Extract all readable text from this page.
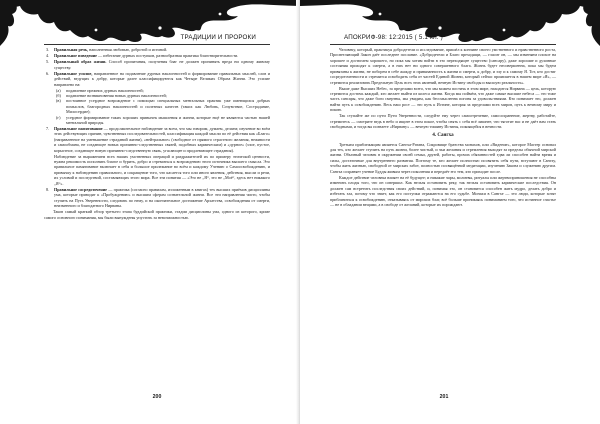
ТРАДИЦИИ И ПРОРОКИ

3. Правильная речь, наполненная любовью, добротой и истиной.

4. Правильное поведение — избегание дурных поступков, разнообразная практика благотворительности.

5. Правильный образ жизни. Способ пропитания, получения благ не должен причинять вреда ни одному живому существу.

6. Правильное усилие, направленное на подавление дурных наклонностей и формирование правильных мыслей, слов и действий, ведущих к добру, которые далее классифицируются как Четыре Великих Образа Жизни. Это усилие направлено на:

(а) подавление прежних дурных наклонностей;

(б) подавление возникновения новых дурных наклонностей;

(в) постоянное усердное возрождение с помощью специальных ментальных практик уже имеющихся добрых помыслов, благородных наклонностей и полезных качеств (таких как Любовь, Сочувствие, Сострадание, Милосердие);

(г) усердное формирование таких хороших привычек мышления и жизни, которые ещё не являются частью нашей ментальной природы.

7. Правильное памятование — продолжительное наблюдение за всем, что мы говорим, думаем, делаем; изучение во всём этих действующих причин, чувственных последовательностей, классификация каждой мысли по её действия как «Благо» (направленное на уменьшение страданий жизни), «нейтральное» (свободное от прямого страстного желания, неживости и самообмана, не создающее новых причинно-следственных связей, подобных кармическим) и «дурное» (злое, пустое, корыстное, создающее новую причинно-следственную связь, угасающее и продлевающее страдания).

Наблюдение за выражением всех наших умственных операций и раздражителей их по примеру этической ценности, нужна решимость исполнять благое и бурить, добро и стремиться к возрождению этого источника высшего смысла. Это правильное памятование включает в себя и большое прилежание во всём и каждому Учению о Самоосвобождению, и привычку к наблюдению правильного, и сокращение того, что касается того или иного явления, действия, мысли и речи, их условий и последствий, составляющих этого мира. Все эти понятия — «Это не „Я“, это не „Моё“, здесь нет никакого „Я“».

8. Правильное сосредоточение — практика (согласно правилам, изложенным в книгах) тех высших приёмов дисциплины ума, которые приводят к «Пробуждению» и высшим сферам сознательной жизни. Все эти направления чисто, чтобы ступить на Путь Уверенности, следовать по нему, и на окончательное достижение Архатства, освобождения от смерти, неизменного и благодатного Нирваны.

Таков самый краткий обзор третьего этапа буддийской практики, стадии дисциплины ума, одного из которого, кроме самого основного понимания, мы были вынуждены упустить за невозможностью.

200
АПОКРИФ-98: 12:2015 ( 5.1 кл. )

Человеку, который, практикуя добродетели и исследование, пришёл к кончине своего умственного и нравственного роста, Просветляющий Закон даёт последнее послание. «Добродетели и Благо преходящи, — гласит он, — мы изменяем плохое на хорошее и достигаем хорошего, но пока мы хотим войти в это переходящее существо (сансару), даже хорошие и духовные состояния приходят к смерти, а в них нет ни одного совершенного блага. Жизнь будет несовершенна, пока мы будем привязаны к жизни, не поборем в себе жажду и привязанность к жизни и смерти, к добру, и злу и к самому Я. Тот, кто достиг сосредоточенности и стремится освободить себя от частей Единой Жизни, который сейчас проявляется в нашем мире «Я», — стремится реализовать Предельную Цель всех этих явлений, вечную Истину свободы и высшую реальность».

Выше даже Высших Небес, за пределами всего, что мы можем постичь в этом мире, находится Нирвана — цель, которую стремится достичь каждый, кто желает выйти из колеса жизни. Когда мы поймём, что даже самые высшие небеса — это тоже часть сансары, что даже боги смертны, мы увидим, как бессмысленна погоня за удовольствиями. Кто понимает это, должен найти путь к освобождению. Весь наш рост — это путь к Истине, которая за пределами всех миров, путь к вечному миру и покою.

Так ступайте же по пути Пути Уверенности, следуйте ему через самоотречение, самосохранение, жертву, работайте, стремитесь — смотрите ведь в небо и ищите в этом покое, чтобы снять с себя всё лишнее, что тяготит вас и не даёт вам стать свободными, и тогда вы познаете «Нирвану» — вечную тишину Истины, покоящейся в вечности.

4. Сангха

Третьим приблежащим является Сангха-Ратана, Сокровище братства монахов, или «Видение», которое Мастер основал для тех, кто желает ступить на путь жизни, более чистый, и чьи желания и стремления выходят за пределы обычной мирской жизни. Обычный человек в окружении своей семьи, друзей, работы, прочих обязанностей едва ли способен найти время и силы, достаточные для внутреннего развития. Поэтому те, кто желает полностью посвятить себя пути, вступают в Сангху, чтобы жить жизнью, свободной от мирских забот, полностью посвящённой медитации, изучению Закона и служению другим. Сангха сохраняет учение Будды живым через поколения и передаёт его тем, кто приходит после.

Каждое действие человека влияет на её будущее; и никакие чары, молитвы, ритуалы или жертвоприношения не способны изменить плоды того, что он совершил. Как нельзя остановить реку, так нельзя остановить кармические последствия. Он должен сам встретить последствия своих действий, и, понимая это, он становится способен жить мудро, делать добро и избегать зла, потому что знает, как его поступки отражаются на его судьбе. Монахи в Сангхе — это люди, которые хотят приблизиться к освобождению, отказываясь от мирских благ, всё больше проникаясь пониманием того, что истинное счастье — не в обладании вещами, а в свободе от желаний, которые их порождают.

201
